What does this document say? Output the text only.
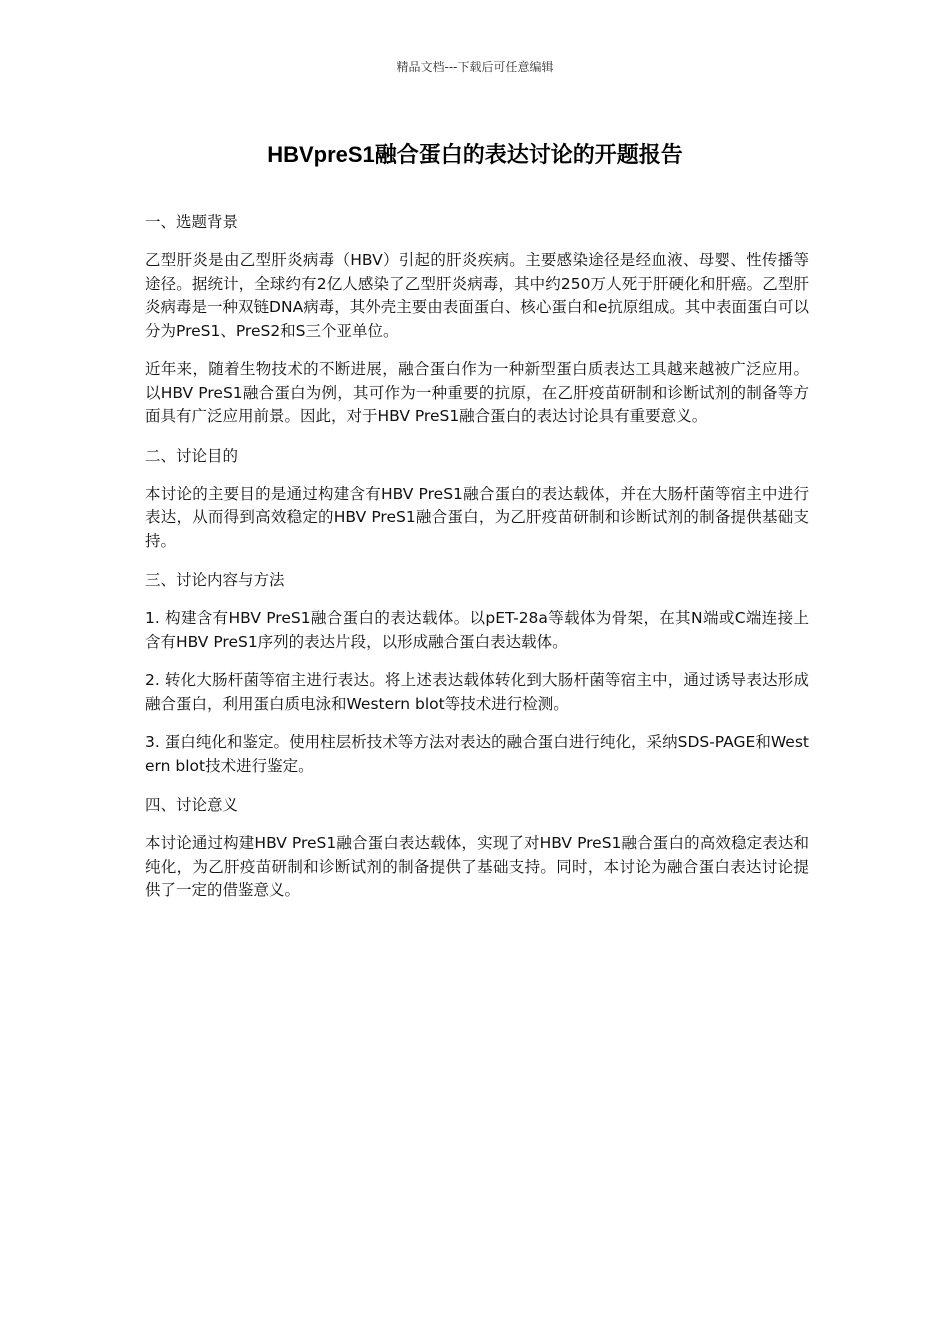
精品文档---下载后可任意编辑
HBVpreS1融合蛋白的表达讨论的开题报告

一、选题背景

乙型肝炎是由乙型肝炎病毒（HBV）引起的肝炎疾病。主要感染途径是经血液、母婴、性传播等途径。据统计，全球约有2亿人感染了乙型肝炎病毒，其中约250万人死于肝硬化和肝癌。乙型肝炎病毒是一种双链DNA病毒，其外壳主要由表面蛋白、核心蛋白和e抗原组成。其中表面蛋白可以分为PreS1、PreS2和S三个亚单位。

近年来，随着生物技术的不断进展，融合蛋白作为一种新型蛋白质表达工具越来越被广泛应用。以HBV PreS1融合蛋白为例，其可作为一种重要的抗原，在乙肝疫苗研制和诊断试剂的制备等方面具有广泛应用前景。因此，对于HBV PreS1融合蛋白的表达讨论具有重要意义。

二、讨论目的

本讨论的主要目的是通过构建含有HBV PreS1融合蛋白的表达载体，并在大肠杆菌等宿主中进行表达，从而得到高效稳定的HBV PreS1融合蛋白，为乙肝疫苗研制和诊断试剂的制备提供基础支持。

三、讨论内容与方法

1. 构建含有HBV PreS1融合蛋白的表达载体。以pET-28a等载体为骨架，在其N端或C端连接上含有HBV PreS1序列的表达片段，以形成融合蛋白表达载体。

2. 转化大肠杆菌等宿主进行表达。将上述表达载体转化到大肠杆菌等宿主中，通过诱导表达形成融合蛋白，利用蛋白质电泳和Western blot等技术进行检测。

3. 蛋白纯化和鉴定。使用柱层析技术等方法对表达的融合蛋白进行纯化，采纳SDS-PAGE和Western blot技术进行鉴定。

四、讨论意义

本讨论通过构建HBV PreS1融合蛋白表达载体，实现了对HBV PreS1融合蛋白的高效稳定表达和纯化，为乙肝疫苗研制和诊断试剂的制备提供了基础支持。同时，本讨论为融合蛋白表达讨论提供了一定的借鉴意义。
